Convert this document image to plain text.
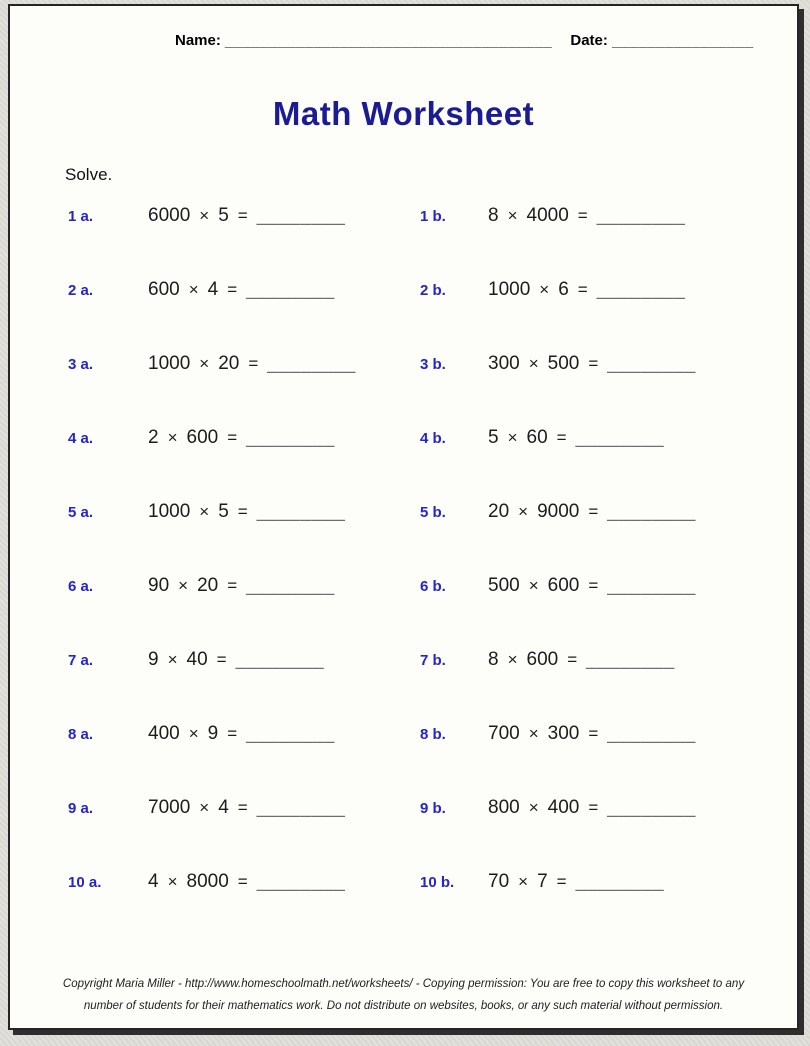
Name: _____________________________________ Date: ________________
Math Worksheet
Solve.
1 a.	6000 × 5 = ________	1 b.	8 × 4000 = ________
2 a.	600 × 4 = ________	2 b.	1000 × 6 = ________
3 a.	1000 × 20 = ________	3 b.	300 × 500 = ________
4 a.	2 × 600 = ________	4 b.	5 × 60 = ________
5 a.	1000 × 5 = ________	5 b.	20 × 9000 = ________
6 a.	90 × 20 = ________	6 b.	500 × 600 = ________
7 a.	9 × 40 = ________	7 b.	8 × 600 = ________
8 a.	400 × 9 = ________	8 b.	700 × 300 = ________
9 a.	7000 × 4 = ________	9 b.	800 × 400 = ________
10 a.	4 × 8000 = ________	10 b.	70 × 7 = ________
Copyright Maria Miller - http://www.homeschoolmath.net/worksheets/ - Copying permission: You are free to copy this worksheet to any
number of students for their mathematics work. Do not distribute on websites, books, or any such material without permission.
